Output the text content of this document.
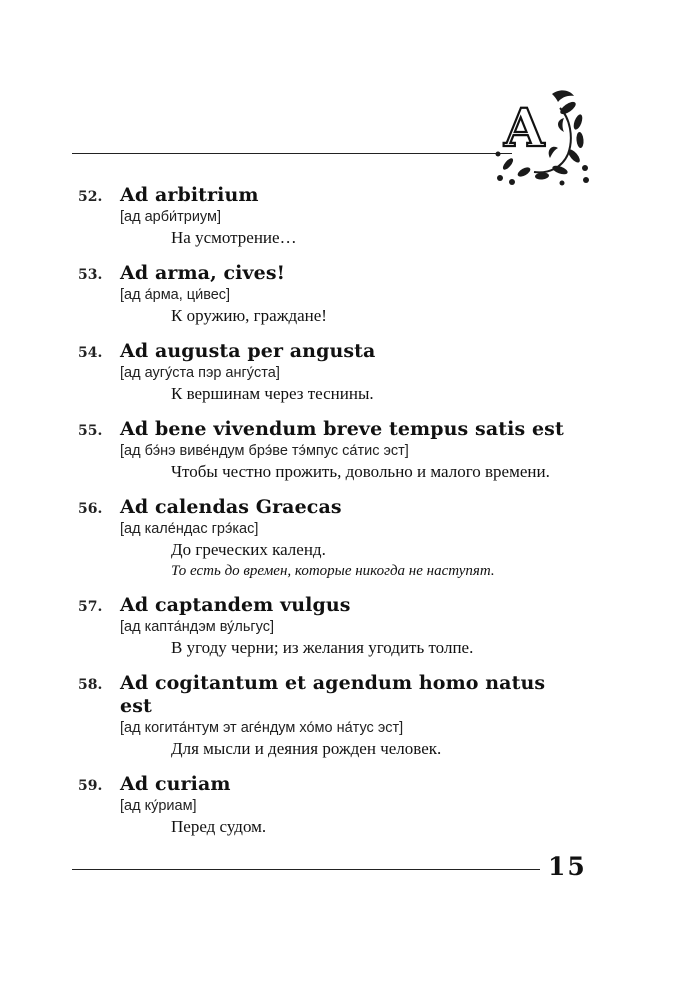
A
52. Ad arbitrium
[ад арби́триум]
На усмотрение…
53. Ad arma, cives!
[ад а́рма, ци́вес]
К оружию, граждане!
54. Ad augusta per angusta
[ад аугу́ста пэр ангу́ста]
К вершинам через теснины.
55. Ad bene vivendum breve tempus satis est
[ад бэ́нэ виве́ндум брэ́ве тэ́мпус са́тис эст]
Чтобы честно прожить, довольно и малого времени.
56. Ad calendas Graecas
[ад кале́ндас грэ́кас]
До греческих календ.
То есть до времен, которые никогда не наступят.
57. Ad captandem vulgus
[ад капта́ндэм ву́льгус]
В угоду черни; из желания угодить толпе.
58. Ad cogitantum et agendum homo natus est
[ад когита́нтум эт аге́ндум хо́мо на́тус эст]
Для мысли и деяния рожден человек.
59. Ad curiam
[ад ку́риам]
Перед судом.
15
